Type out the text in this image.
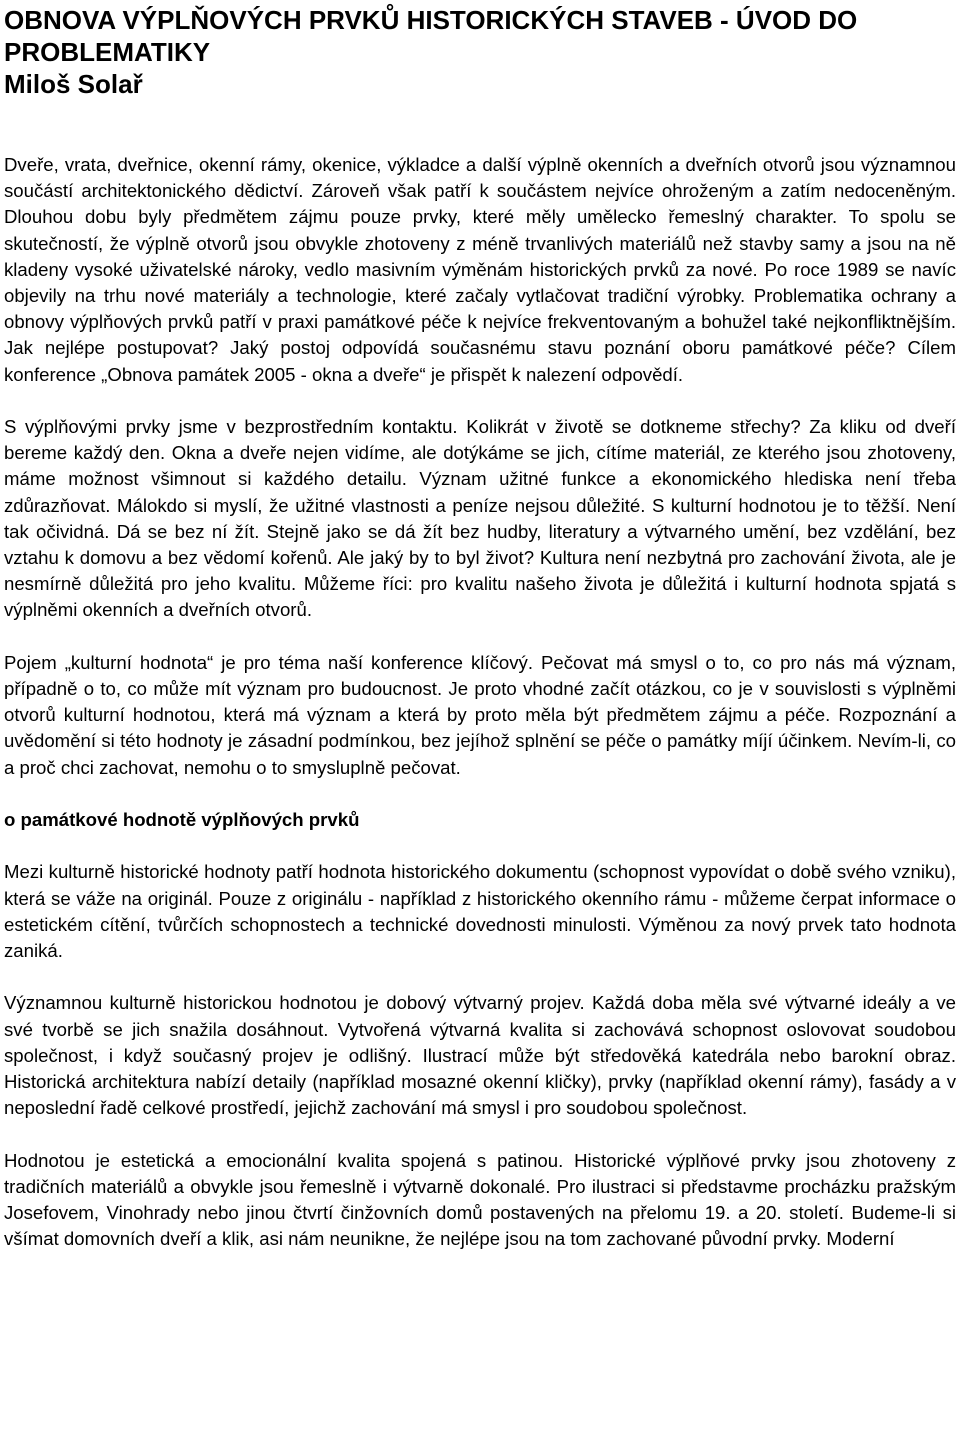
OBNOVA VÝPLŇOVÝCH PRVKŮ HISTORICKÝCH STAVEB - ÚVOD DO PROBLEMATIKY
Miloš Solař

Dveře, vrata, dveřnice, okenní rámy, okenice, výkladce a další výplně okenních a dveřních otvorů jsou významnou součástí architektonického dědictví. Zároveň však patří k součástem nejvíce ohroženým a zatím nedoceněným. Dlouhou dobu byly předmětem zájmu pouze prvky, které měly umělecko řemeslný charakter. To spolu se skutečností, že výplně otvorů jsou obvykle zhotoveny z méně trvanlivých materiálů než stavby samy a jsou na ně kladeny vysoké uživatelské nároky, vedlo masivním výměnám historických prvků za nové. Po roce 1989 se navíc objevily na trhu nové materiály a technologie, které začaly vytlačovat tradiční výrobky. Problematika ochrany a obnovy výplňových prvků patří v praxi památkové péče k nejvíce frekventovaným a bohužel také nejkonfliktnějším. Jak nejlépe postupovat? Jaký postoj odpovídá současnému stavu poznání oboru památkové péče? Cílem konference „Obnova památek 2005 - okna a dveře“ je přispět k nalezení odpovědí.

S výplňovými prvky jsme v bezprostředním kontaktu. Kolikrát v životě se dotkneme střechy? Za kliku od dveří bereme každý den. Okna a dveře nejen vidíme, ale dotýkáme se jich, cítíme materiál, ze kterého jsou zhotoveny, máme možnost všimnout si každého detailu. Význam užitné funkce a ekonomického hlediska není třeba zdůrazňovat. Málokdo si myslí, že užitné vlastnosti a peníze nejsou důležité. S kulturní hodnotou je to těžší. Není tak očividná. Dá se bez ní žít. Stejně jako se dá žít bez hudby, literatury a výtvarného umění, bez vzdělání, bez vztahu k domovu a bez vědomí kořenů. Ale jaký by to byl život? Kultura není nezbytná pro zachování života, ale je nesmírně důležitá pro jeho kvalitu. Můžeme říci: pro kvalitu našeho života je důležitá i kulturní hodnota spjatá s výplněmi okenních a dveřních otvorů.

Pojem „kulturní hodnota“ je pro téma naší konference klíčový. Pečovat má smysl o to, co pro nás má význam, případně o to, co může mít význam pro budoucnost. Je proto vhodné začít otázkou, co je v souvislosti s výplněmi otvorů kulturní hodnotou, která má význam a která by proto měla být předmětem zájmu a péče. Rozpoznání a uvědomění si této hodnoty je zásadní podmínkou, bez jejíhož splnění se péče o památky míjí účinkem. Nevím-li, co a proč chci zachovat, nemohu o to smysluplně pečovat.

o památkové hodnotě výplňových prvků

Mezi kulturně historické hodnoty patří hodnota historického dokumentu (schopnost vypovídat o době svého vzniku), která se váže na originál. Pouze z originálu - například z historického okenního rámu - můžeme čerpat informace o estetickém cítění, tvůrčích schopnostech a technické dovednosti minulosti. Výměnou za nový prvek tato hodnota zaniká.

Významnou kulturně historickou hodnotou je dobový výtvarný projev. Každá doba měla své výtvarné ideály a ve své tvorbě se jich snažila dosáhnout. Vytvořená výtvarná kvalita si zachovává schopnost oslovovat soudobou společnost, i když současný projev je odlišný. Ilustrací může být středověká katedrála nebo barokní obraz. Historická architektura nabízí detaily (například mosazné okenní kličky), prvky (například okenní rámy), fasády a v neposlední řadě celkové prostředí, jejichž zachování má smysl i pro soudobou společnost.

Hodnotou je estetická a emocionální kvalita spojená s patinou. Historické výplňové prvky jsou zhotoveny z tradičních materiálů a obvykle jsou řemeslně i výtvarně dokonalé. Pro ilustraci si představme procházku pražským Josefovem, Vinohrady nebo jinou čtvrtí činžovních domů postavených na přelomu 19. a 20. století. Budeme-li si všímat domovních dveří a klik, asi nám neunikne, že nejlépe jsou na tom zachované původní prvky. Moderní
